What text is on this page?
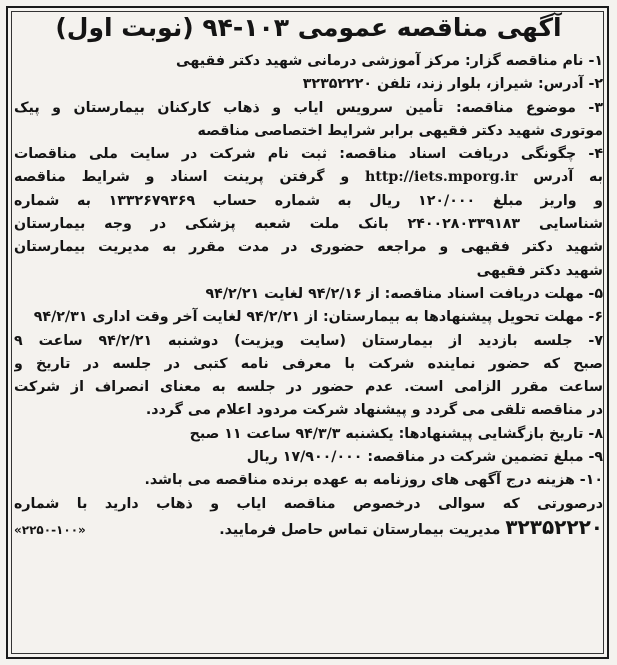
آگهی مناقصه عمومی ۱۰۳-۹۴ (نوبت اول)
۱- نام مناقصه گزار: مرکز آموزشی درمانی شهید دکتر فقیهی
۲- آدرس: شیراز، بلوار زند، تلفن ۳۲۳۵۲۲۲۰
۳- موضوع مناقصه: تأمین سرویس ایاب و ذهاب کارکنان بیمارستان و پیک
موتوری شهید دکتر فقیهی برابر شرایط اختصاصی مناقصه
۴- چگونگی دریافت اسناد مناقصه: ثبت نام شرکت در سایت ملی مناقصات
به آدرس http://iets.mporg.ir و گرفتن پرینت اسناد و شرایط مناقصه
و واریز مبلغ ۱۲۰/۰۰۰ ریال به شماره حساب ۱۳۳۲۶۷۹۳۶۹ به شماره
شناسایی ۲۴۰۰۲۸۰۳۳۹۱۸۳ بانک ملت شعبه پزشکی در وجه بیمارستان
شهید دکتر فقیهی و مراجعه حضوری در مدت مقرر به مدیریت بیمارستان
شهید دکتر فقیهی
۵- مهلت دریافت اسناد مناقصه: از ۹۴/۲/۱۶ لغایت ۹۴/۲/۲۱
۶- مهلت تحویل پیشنهادها به بیمارستان: از ۹۴/۲/۲۱ لغایت آخر وقت اداری ۹۴/۲/۳۱
۷- جلسه بازدید از بیمارستان (سایت ویزیت) دوشنبه ۹۴/۲/۲۱ ساعت ۹
صبح که حضور نماینده شرکت با معرفی نامه کتبی در جلسه در تاریخ و
ساعت مقرر الزامی است. عدم حضور در جلسه به معنای انصراف از شرکت
در مناقصه تلقی می گردد و پیشنهاد شرکت مردود اعلام می گردد.
۸- تاریخ بازگشایی پیشنهادها: یکشنبه ۹۴/۳/۳ ساعت ۱۱ صبح
۹- مبلغ تضمین شرکت در مناقصه: ۱۷/۹۰۰/۰۰۰ ریال
۱۰- هزینه درج آگهی های روزنامه به عهده برنده مناقصه می باشد.
درصورتی که سوالی درخصوص مناقصه ایاب و ذهاب دارید با شماره
۳۲۳۵۲۲۲۰ مدیریت بیمارستان تماس حاصل فرمایید.
«۲۲۵۰-۱۰۰»
